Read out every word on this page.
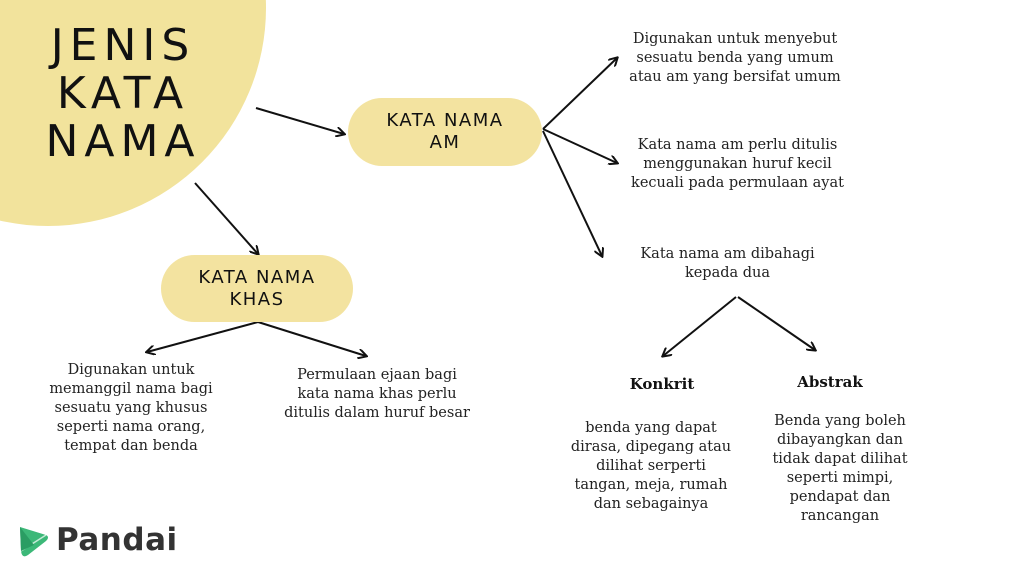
JENIS
KATA
NAMA	KATA NAMA
AM
KATA NAMA
KHAS
Digunakan untuk menyebut
sesuatu benda yang umum
atau am yang bersifat umum
Kata nama am perlu ditulis
menggunakan huruf kecil
kecuali pada permulaan ayat
Kata nama am dibahagi
kepada dua
Konkrit	Abstrak
benda yang dapat
dirasa, dipegang atau
dilihat serperti
tangan, meja, rumah
dan sebagainya
Benda yang boleh
dibayangkan dan
tidak dapat dilihat
seperti mimpi,
pendapat dan
rancangan
Digunakan untuk
memanggil nama bagi
sesuatu yang khusus
seperti nama orang,
tempat dan benda
Permulaan ejaan bagi
kata nama khas perlu
ditulis dalam huruf besar
Pandai
